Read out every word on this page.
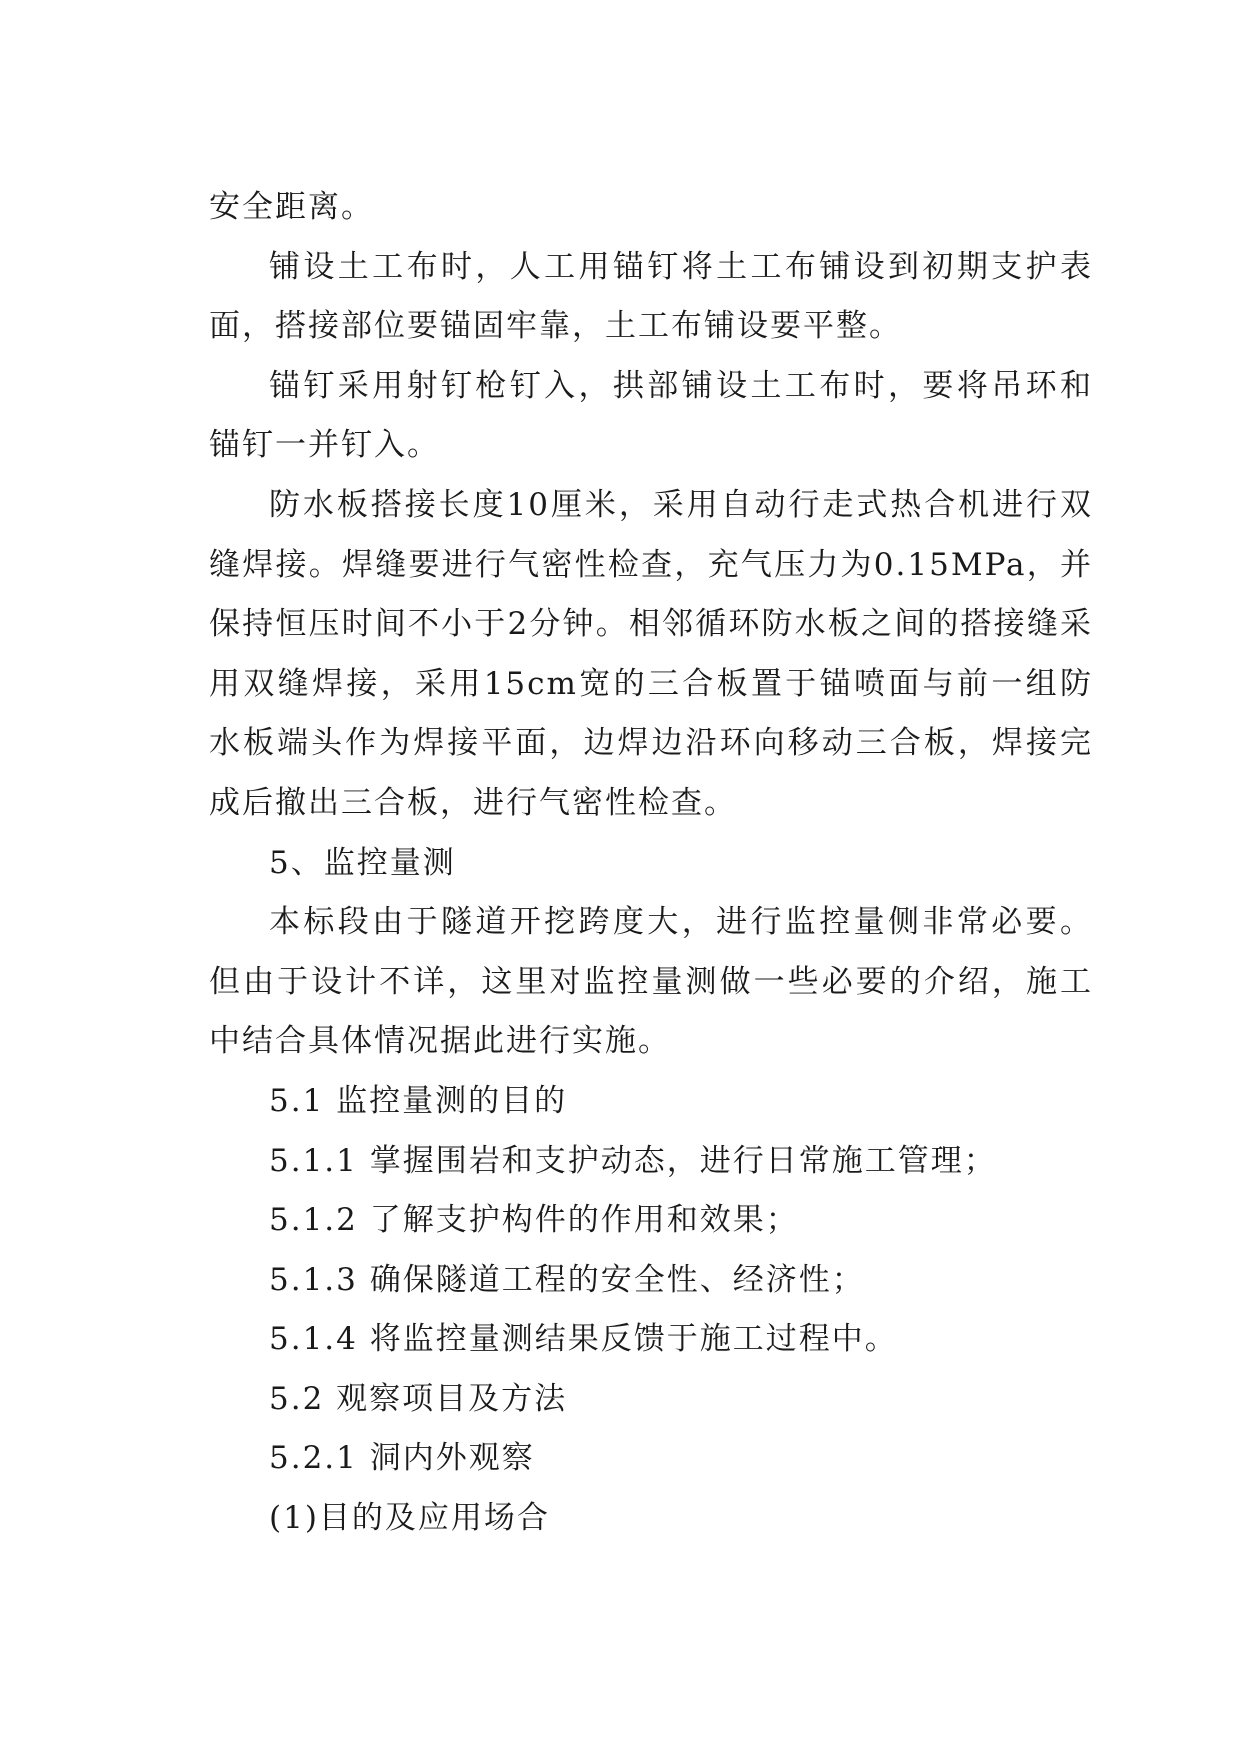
安全距离。

铺设土工布时，人工用锚钉将土工布铺设到初期支护表面，搭接部位要锚固牢靠，土工布铺设要平整。

锚钉采用射钉枪钉入，拱部铺设土工布时，要将吊环和锚钉一并钉入。

防水板搭接长度10厘米，采用自动行走式热合机进行双缝焊接。焊缝要进行气密性检查，充气压力为0.15MPa，并保持恒压时间不小于2分钟。相邻循环防水板之间的搭接缝采用双缝焊接，采用15cm宽的三合板置于锚喷面与前一组防水板端头作为焊接平面，边焊边沿环向移动三合板，焊接完成后撤出三合板，进行气密性检查。

5、监控量测

本标段由于隧道开挖跨度大，进行监控量侧非常必要。但由于设计不详，这里对监控量测做一些必要的介绍，施工中结合具体情况据此进行实施。

5.1 监控量测的目的

5.1.1 掌握围岩和支护动态，进行日常施工管理；

5.1.2 了解支护构件的作用和效果；

5.1.3 确保隧道工程的安全性、经济性；

5.1.4 将监控量测结果反馈于施工过程中。

5.2 观察项目及方法

5.2.1 洞内外观察

(1)目的及应用场合
